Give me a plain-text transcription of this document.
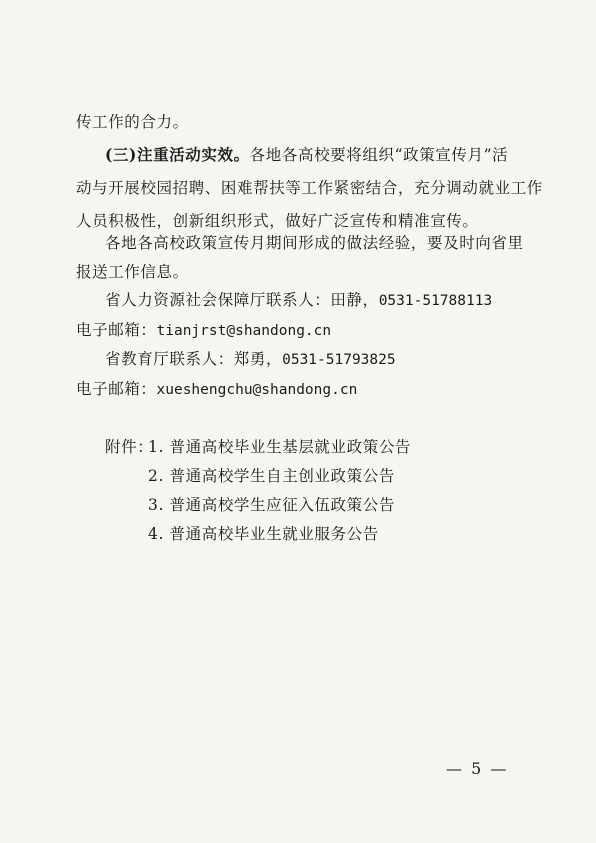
传工作的合力。
(三)注重活动实效。各地各高校要将组织“政策宣传月”活
动与开展校园招聘、困难帮扶等工作紧密结合，充分调动就业工作
人员积极性，创新组织形式，做好广泛宣传和精准宣传。
各地各高校政策宣传月期间形成的做法经验，要及时向省里
报送工作信息。
省人力资源社会保障厅联系人：田静，0531-51788113
电子邮箱：tianjrst@shandong.cn
省教育厅联系人：郑勇，0531-51793825
电子邮箱：xueshengchu@shandong.cn
附件：
1. 普通高校毕业生基层就业政策公告
2. 普通高校学生自主创业政策公告
3. 普通高校学生应征入伍政策公告
4. 普通高校毕业生就业服务公告
— 5 —
